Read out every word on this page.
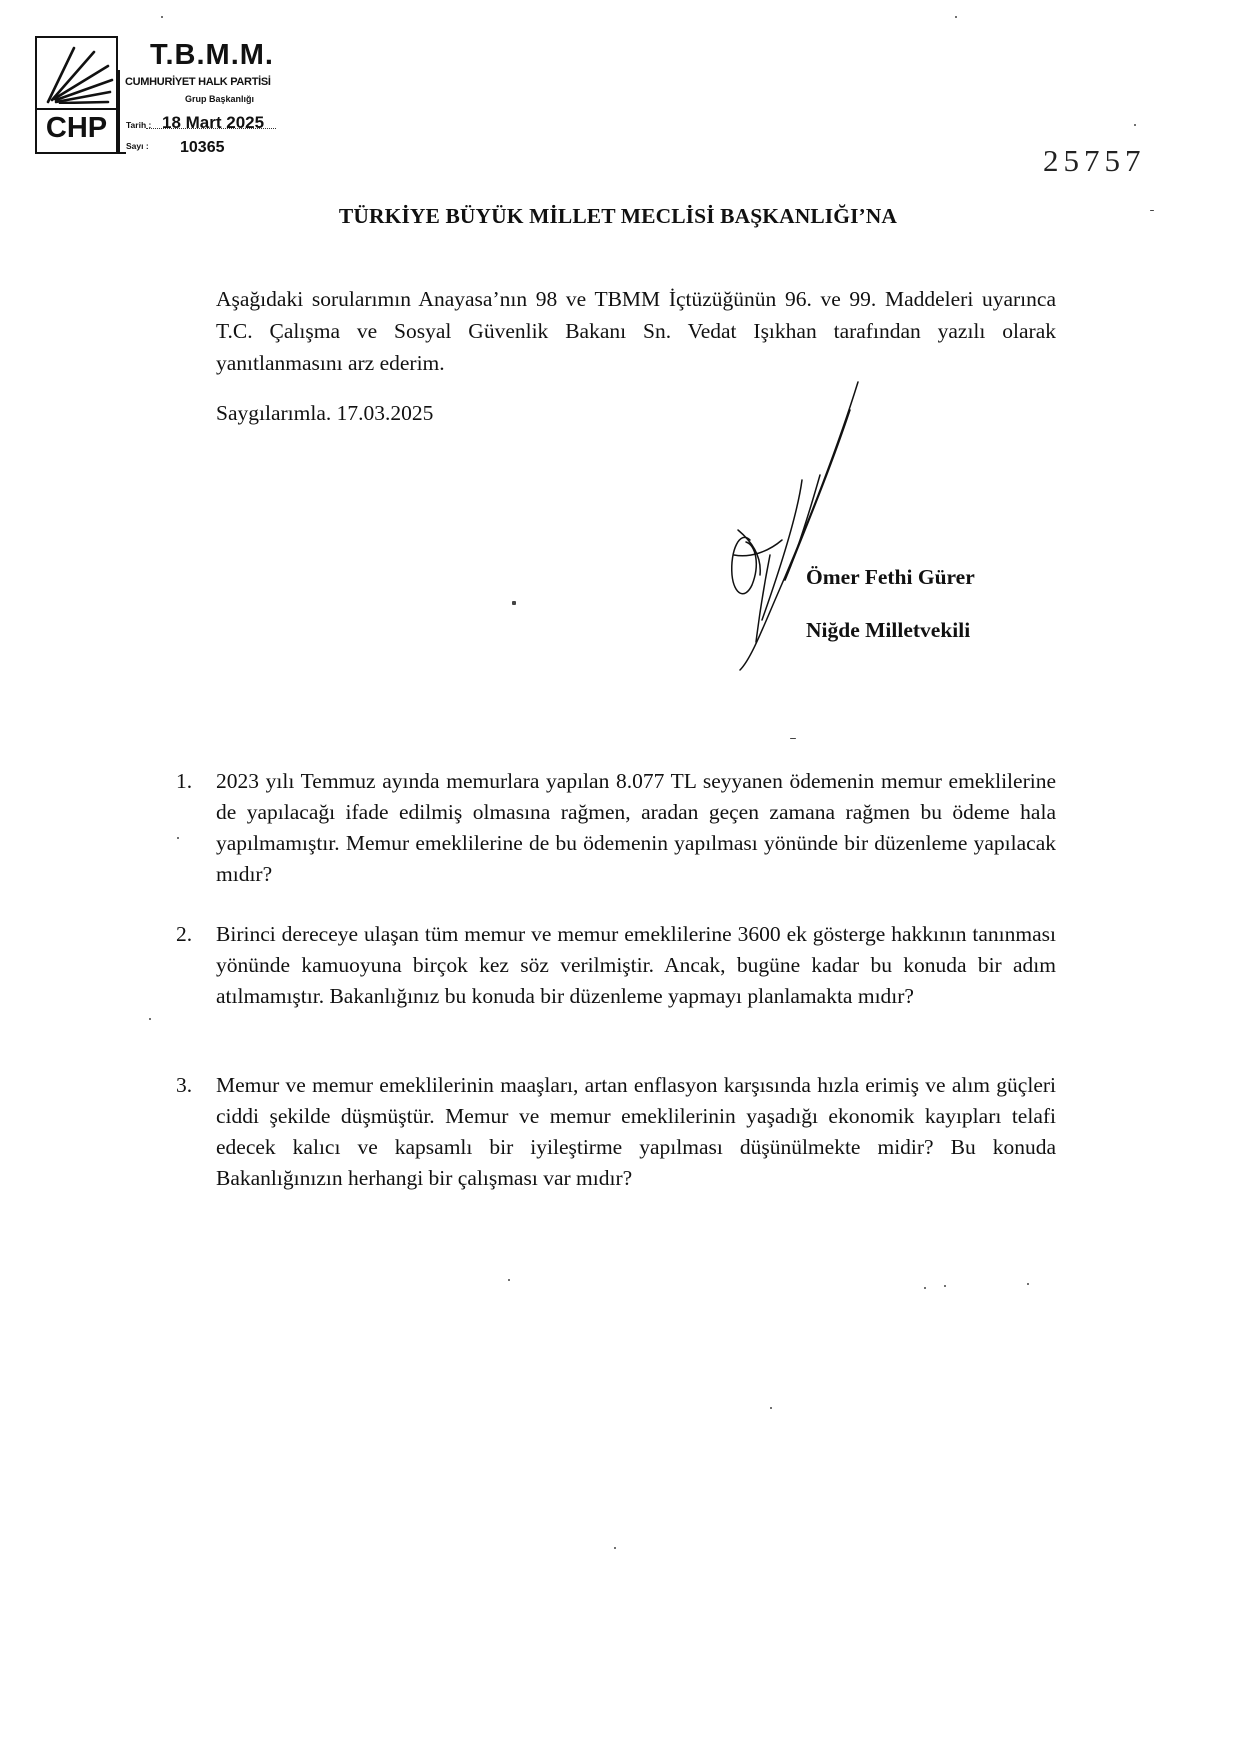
CHP
T.B.M.M.
CUMHURİYET HALK PARTİSİ
Grup Başkanlığı
Tarih : 18 Mart 2025
Sayı : 10365	25757
TÜRKİYE BÜYÜK MİLLET MECLİSİ BAŞKANLIĞI’NA

Aşağıdaki sorularımın Anayasa’nın 98 ve TBMM İçtüzüğünün 96. ve 99. Maddeleri uyarınca T.C. Çalışma ve Sosyal Güvenlik Bakanı Sn. Vedat Işıkhan tarafından yazılı olarak yanıtlanmasını arz ederim.

Saygılarımla. 17.03.2025
Ömer Fethi Gürer
Niğde Milletvekili
1. 2023 yılı Temmuz ayında memurlara yapılan 8.077 TL seyyanen ödemenin memur emeklilerine de yapılacağı ifade edilmiş olmasına rağmen, aradan geçen zamana rağmen bu ödeme hala yapılmamıştır. Memur emeklilerine de bu ödemenin yapılması yönünde bir düzenleme yapılacak mıdır?
2. Birinci dereceye ulaşan tüm memur ve memur emeklilerine 3600 ek gösterge hakkının tanınması yönünde kamuoyuna birçok kez söz verilmiştir. Ancak, bugüne kadar bu konuda bir adım atılmamıştır. Bakanlığınız bu konuda bir düzenleme yapmayı planlamakta mıdır?
3. Memur ve memur emeklilerinin maaşları, artan enflasyon karşısında hızla erimiş ve alım güçleri ciddi şekilde düşmüştür. Memur ve memur emeklilerinin yaşadığı ekonomik kayıpları telafi edecek kalıcı ve kapsamlı bir iyileştirme yapılması düşünülmekte midir? Bu konuda Bakanlığınızın herhangi bir çalışması var mıdır?
